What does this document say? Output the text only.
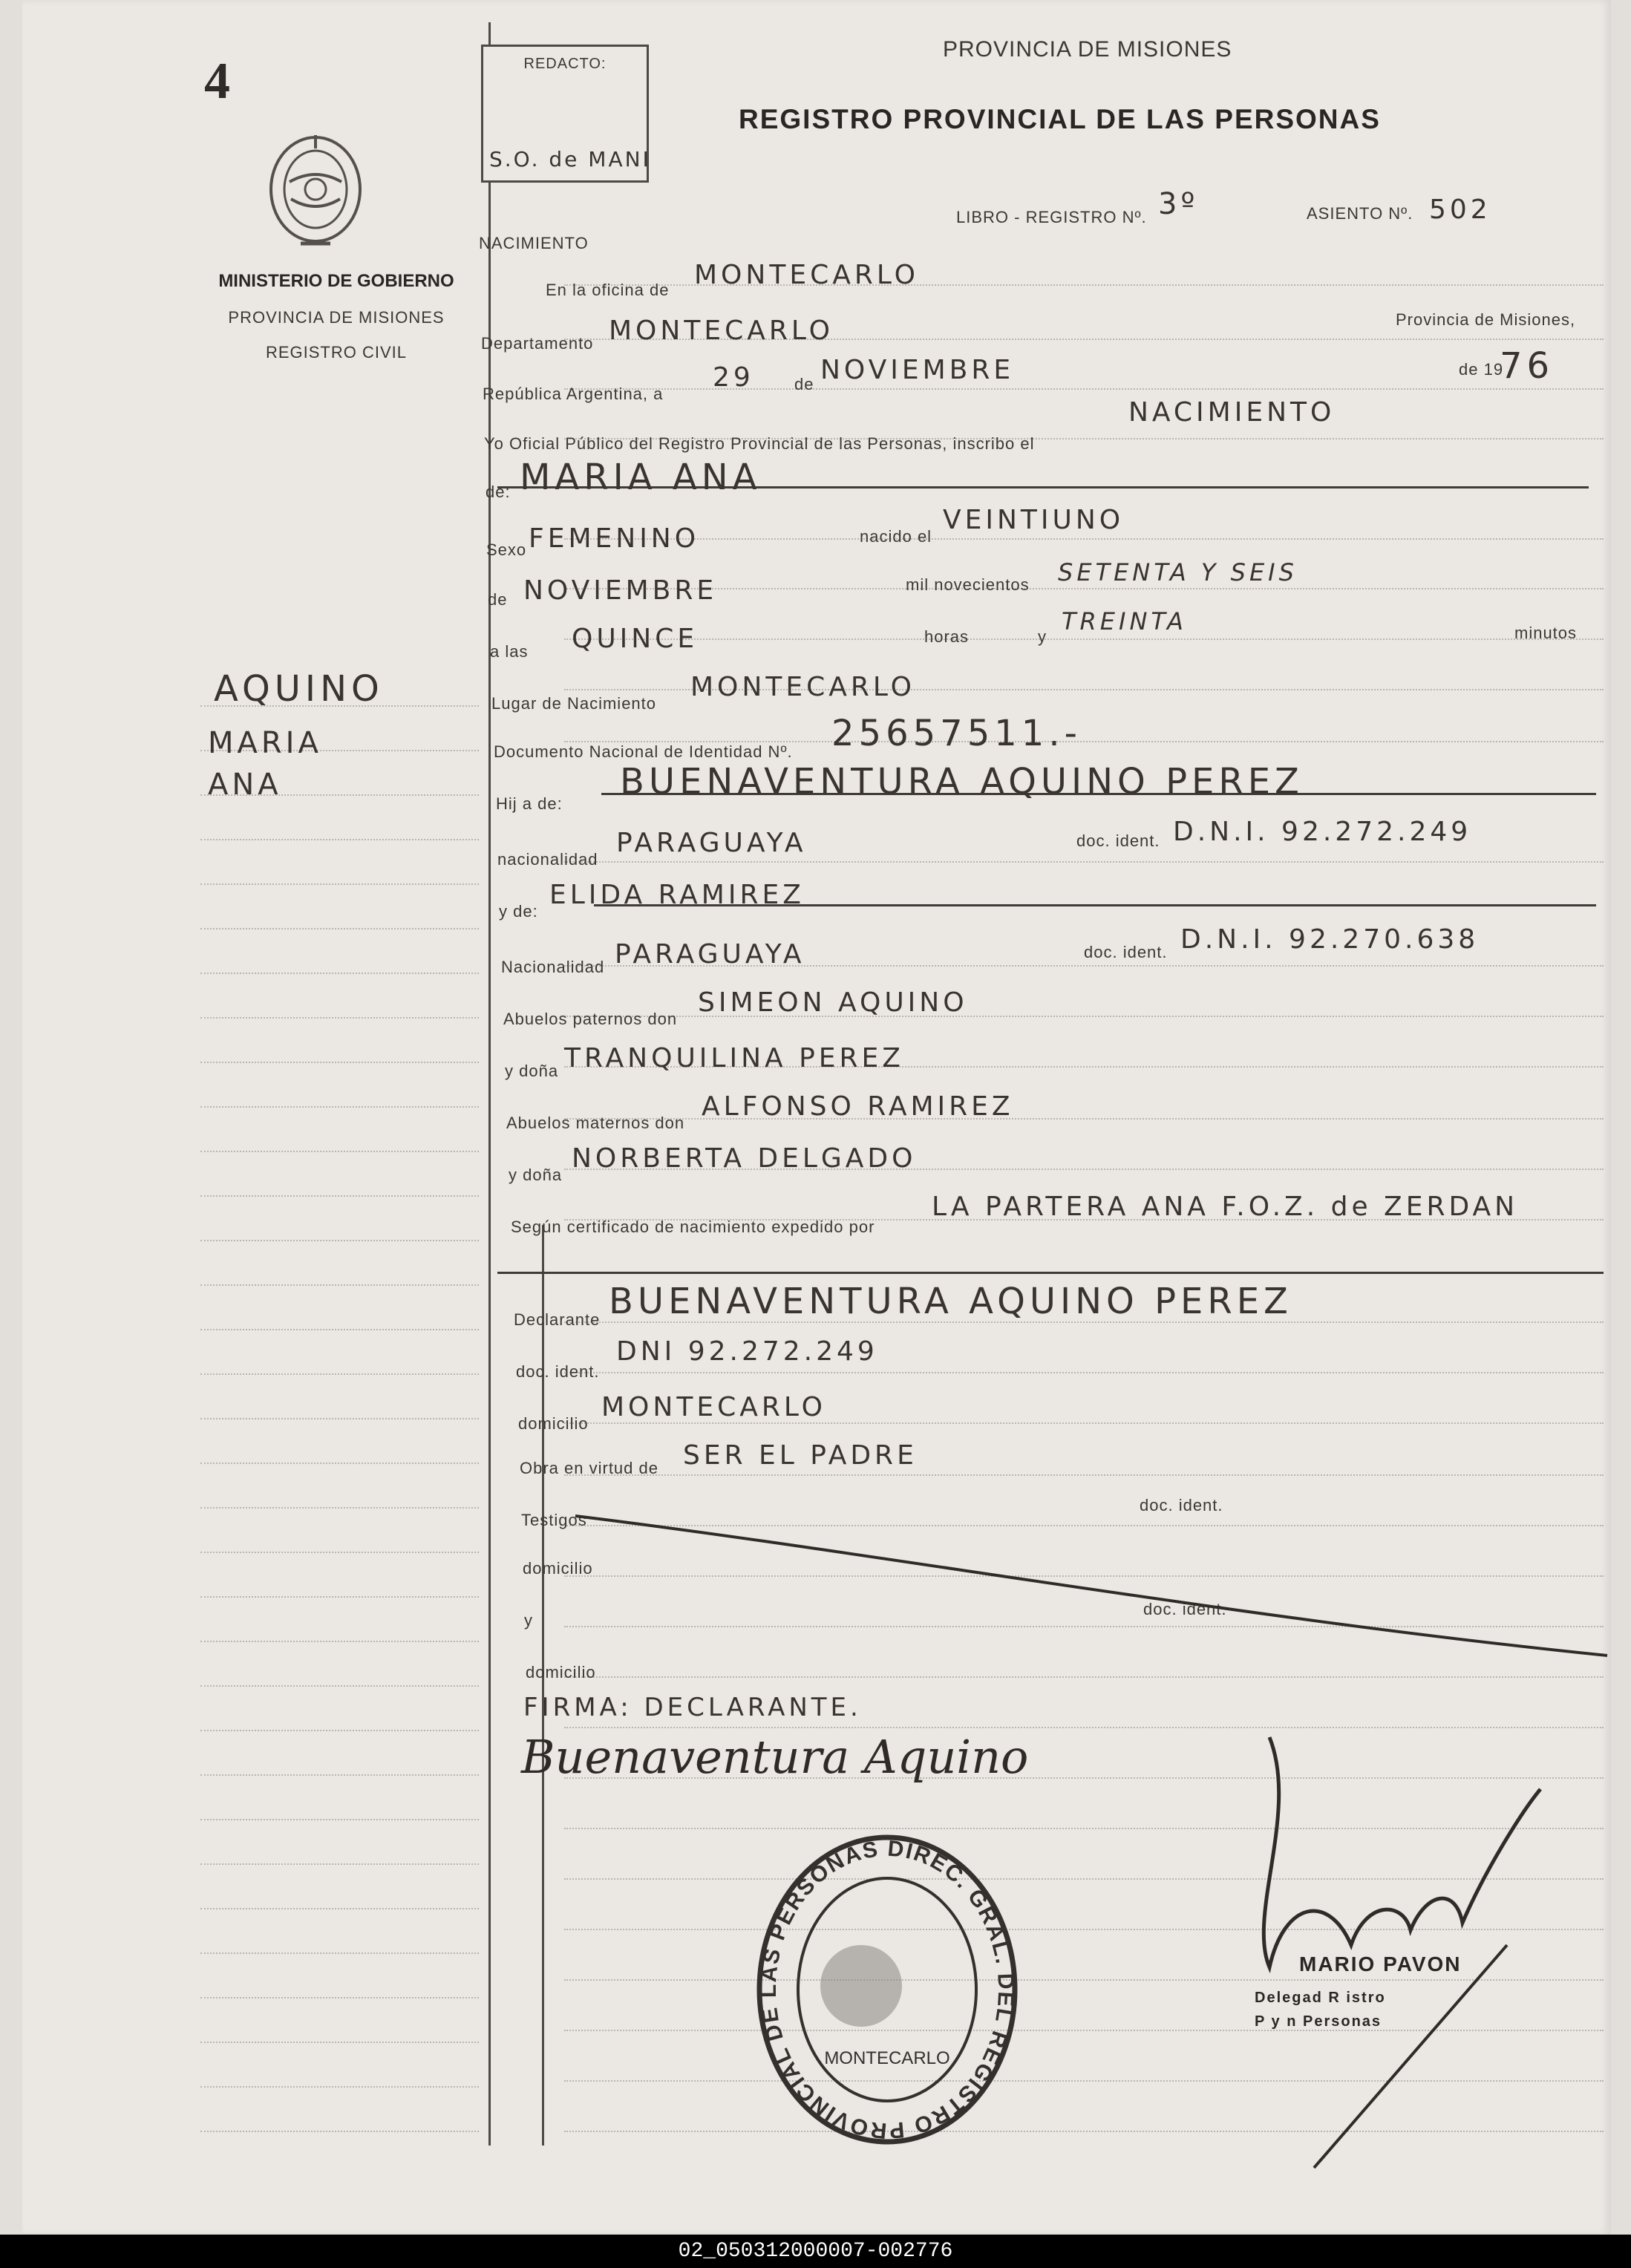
4
MINISTERIO DE GOBIERNO
PROVINCIA DE MISIONES
REGISTRO CIVIL
AQUINO
MARIA
ANA
REDACTO:
S.O. de MANI
PROVINCIA DE MISIONES
REGISTRO PROVINCIAL DE LAS PERSONAS
LIBRO - REGISTRO Nº. 3º	ASIENTO Nº. 502
NACIMIENTO
En la oficina de MONTECARLO
Departamento MONTECARLO	Provincia de Misiones,
República Argentina, a
29 de NOVIEMBRE	de 19
76
Yo Oficial Público del Registro Provincial de las Personas, inscribo el
NACIMIENTO
de: MARIA ANA
Sexo FEMENINO	nacido el
VEINTIUNO
de NOVIEMBRE	mil novecientos SETENTA Y SEIS
a las QUINCE	horas	y
TREINTA	minutos
Lugar de Nacimiento
MONTECARLO
Documento Nacional de Identidad Nº. 25657511.-
Hij a de:
BUENAVENTURA AQUINO PEREZ
nacionalidad
PARAGUAYA	doc. ident. D.N.I. 92.272.249
y de:
ELIDA RAMIREZ
Nacionalidad PARAGUAYA	doc. ident. D.N.I. 92.270.638
Abuelos paternos don
SIMEON AQUINO
y doña TRANQUILINA PEREZ
Abuelos maternos don
ALFONSO RAMIREZ
y doña
NORBERTA DELGADO
Según certificado de nacimiento expedido por
LA PARTERA ANA F.O.Z. de ZERDAN
Declarante BUENAVENTURA AQUINO PEREZ
doc. ident.
DNI 92.272.249
domicilio
MONTECARLO
Obra en virtud de SER EL PADRE
Testigos
doc. ident.
domicilio
y
doc. ident.
domicilio
FIRMA: DECLARANTE.
Buenaventura Aquino
DIREC. GRAL. DEL REGISTRO PROVINCIAL DE LAS PERSONAS
MONTECARLO
MARIO PAVON
Delegad R istro
P y n Personas
02_050312000007-002776
